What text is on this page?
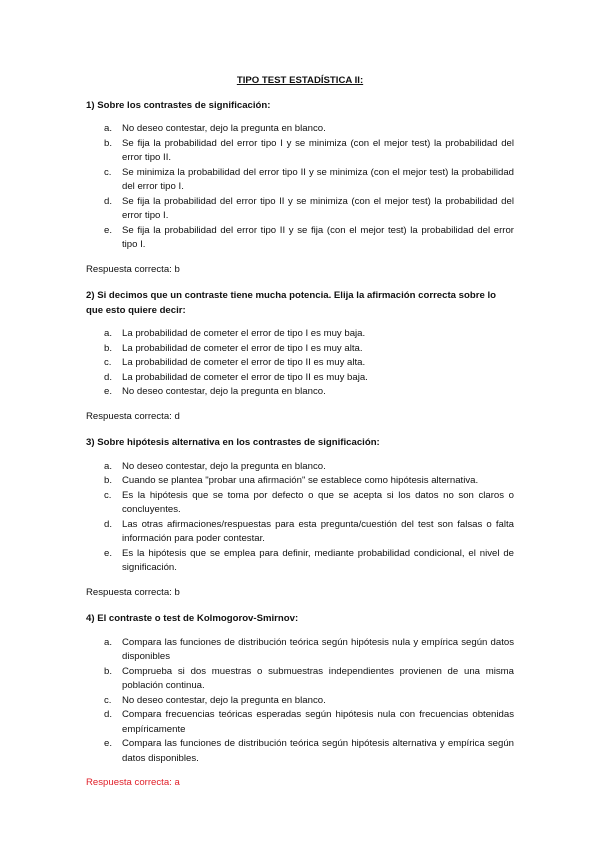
TIPO TEST ESTADÍSTICA II:
1) Sobre los contrastes de significación:
a. No deseo contestar, dejo la pregunta en blanco.
b. Se fija la probabilidad del error tipo I y se minimiza (con el mejor test) la probabilidad del error tipo II.
c. Se minimiza la probabilidad del error tipo II y se minimiza (con el mejor test) la probabilidad del error tipo I.
d. Se fija la probabilidad del error tipo II y se minimiza (con el mejor test) la probabilidad del error tipo I.
e. Se fija la probabilidad del error tipo II y se fija (con el mejor test) la probabilidad del error tipo I.
Respuesta correcta: b
2) Si decimos que un contraste tiene mucha potencia. Elija la afirmación correcta sobre lo que esto quiere decir:
a. La probabilidad de cometer el error de tipo I es muy baja.
b. La probabilidad de cometer el error de tipo I es muy alta.
c. La probabilidad de cometer el error de tipo II es muy alta.
d. La probabilidad de cometer el error de tipo II es muy baja.
e. No deseo contestar, dejo la pregunta en blanco.
Respuesta correcta: d
3) Sobre hipótesis alternativa en los contrastes de significación:
a. No deseo contestar, dejo la pregunta en blanco.
b. Cuando se plantea "probar una afirmación" se establece como hipótesis alternativa.
c. Es la hipótesis que se toma por defecto o que se acepta si los datos no son claros o concluyentes.
d. Las otras afirmaciones/respuestas para esta pregunta/cuestión del test son falsas o falta información para poder contestar.
e. Es la hipótesis que se emplea para definir, mediante probabilidad condicional, el nivel de significación.
Respuesta correcta: b
4) El contraste o test de Kolmogorov-Smirnov:
a. Compara las funciones de distribución teórica según hipótesis nula y empírica según datos disponibles
b. Comprueba si dos muestras o submuestras independientes provienen de una misma población continua.
c. No deseo contestar, dejo la pregunta en blanco.
d. Compara frecuencias teóricas esperadas según hipótesis nula con frecuencias obtenidas empíricamente
e. Compara las funciones de distribución teórica según hipótesis alternativa y empírica según datos disponibles.
Respuesta correcta: a
